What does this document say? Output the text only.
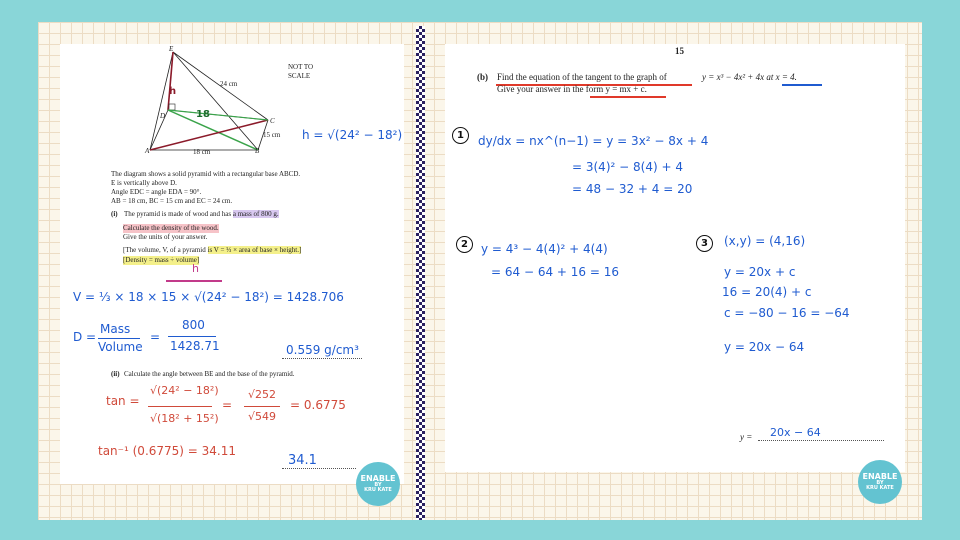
E
D
C
A	B
24 cm
18 cm
15 cm
h
18
NOT TO
SCALE
h = √(24² − 18²)
The diagram shows a solid pyramid with a rectangular base ABCD.
E is vertically above D.
Angle EDC = angle EDA = 90°.
AB = 18 cm, BC = 15 cm and EC = 24 cm.
(i) The pyramid is made of wood and has a mass of 800 g.
Calculate the density of the wood.
Give the units of your answer.
[The volume, V, of a pyramid is V = ⅓ × area of base × height.]
[Density = mass ÷ volume]
h
V = ⅓ × 18 × 15 × √(24² − 18²) = 1428.706
D =
Mass
Volume
=
800
1428.71	0.559 g/cm³
(ii) Calculate the angle between BE and the base of the pyramid.
tan =
√(24² − 18²)
√(18² + 15²)
=
√252
√549
= 0.6775
tan⁻¹ (0.6775) = 34.11
34.1
ENABLE
BY
KRU KATE
15
(b) Find the equation of the tangent to the graph of	y = x³ − 4x² + 4x at x = 4.
Give your answer in the form y = mx + c.
1	dy/dx = nx^(n−1) = y = 3x² − 8x + 4
= 3(4)² − 8(4) + 4
= 48 − 32 + 4 = 20
2	y = 4³ − 4(4)² + 4(4)
= 64 − 64 + 16 = 16
3	(x,y) = (4,16)
y = 20x + c
16 = 20(4) + c
c = −80 − 16 = −64
y = 20x − 64
y = 20x − 64
ENABLE
BY
KRU KATE
